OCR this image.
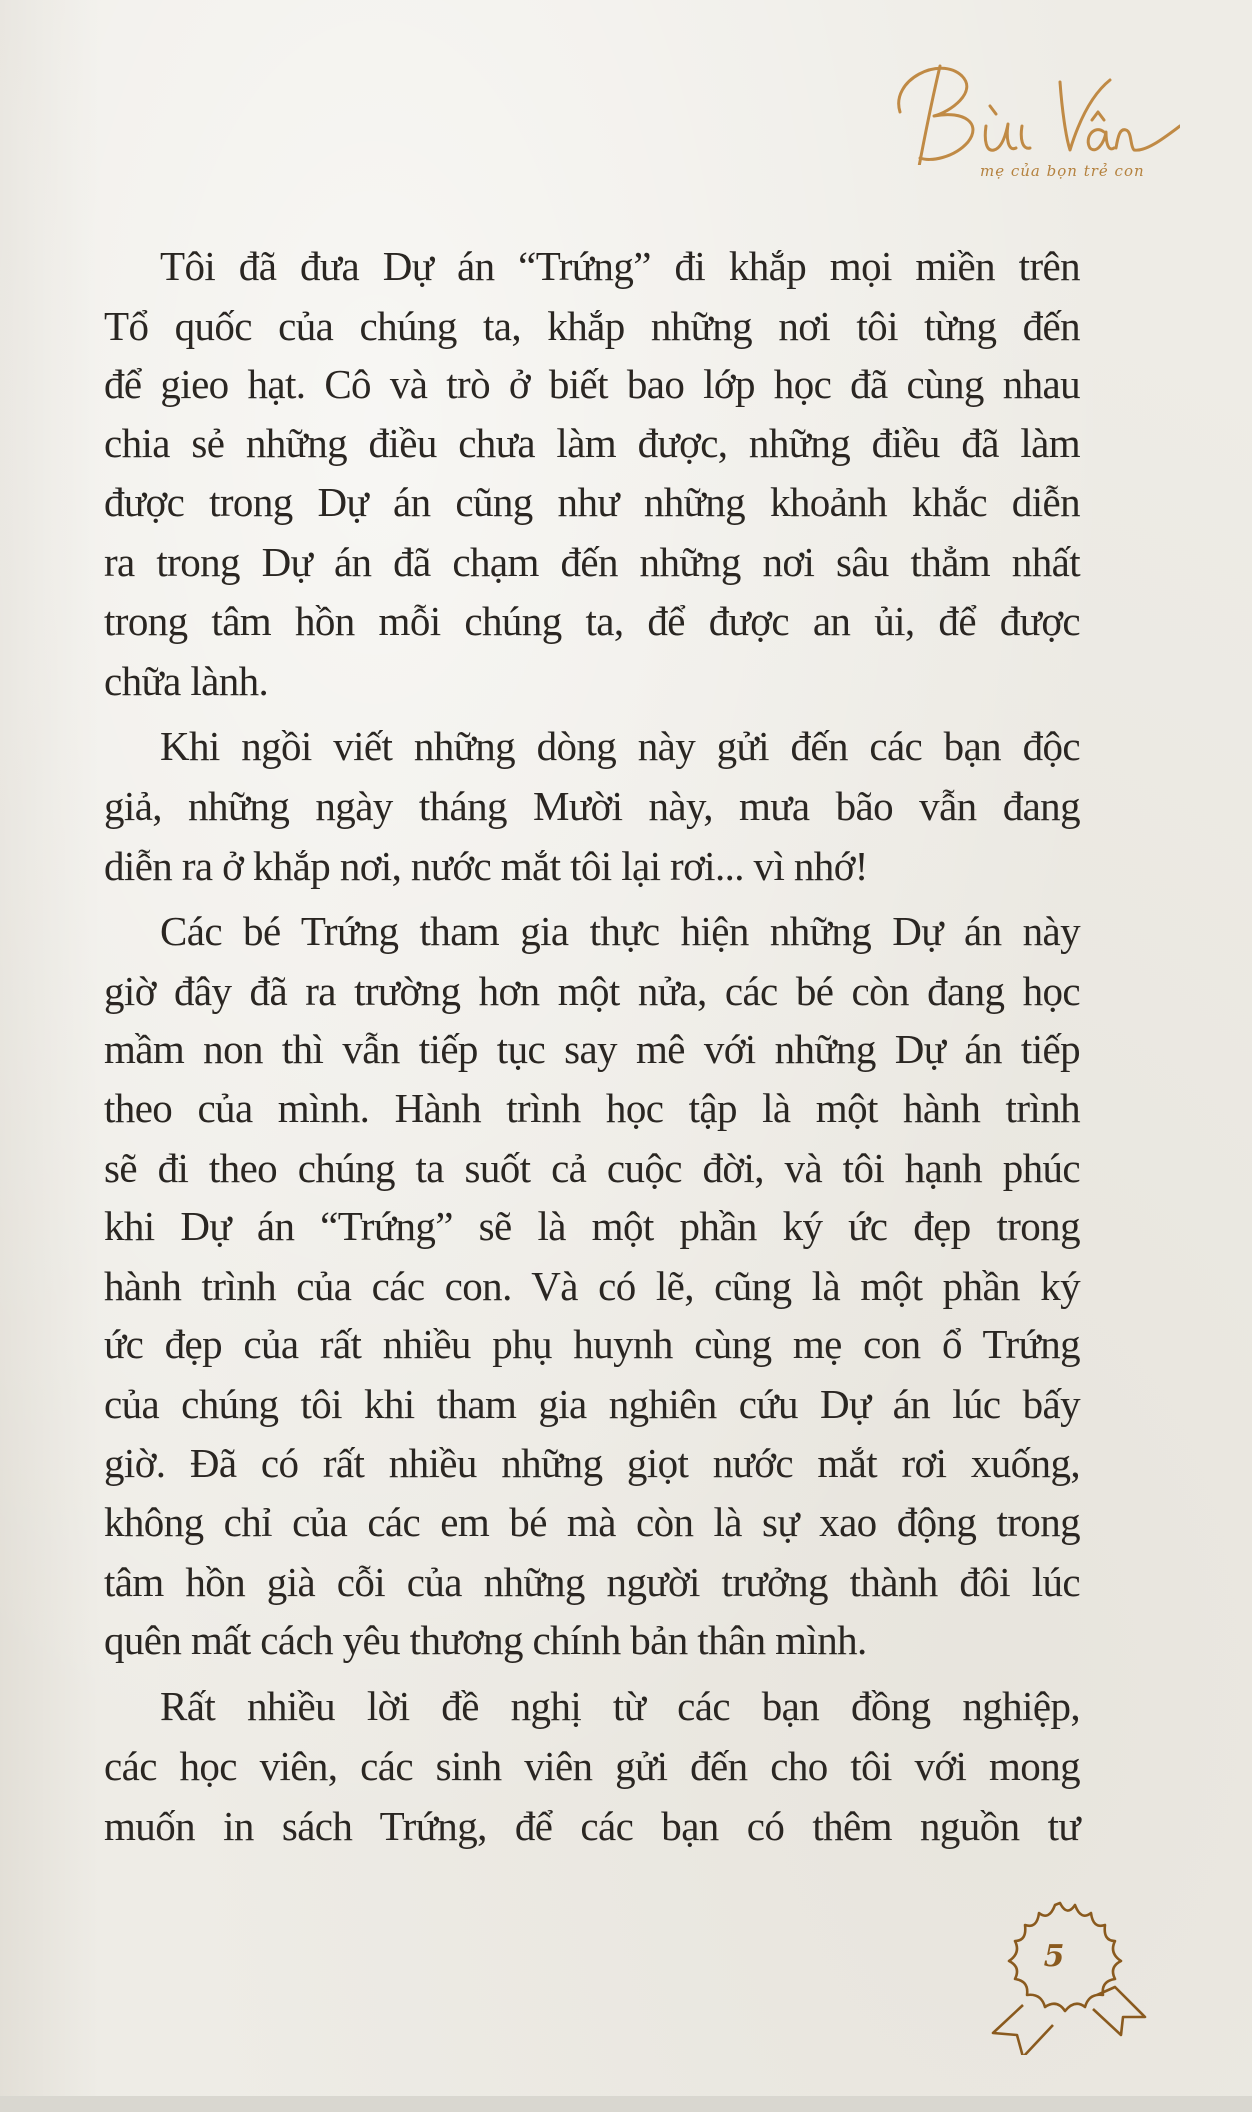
mẹ của bọn trẻ con
Tôi đã đưa Dự án “Trứng” đi khắp mọi miền trên
Tổ quốc của chúng ta, khắp những nơi tôi từng đến
để gieo hạt. Cô và trò ở biết bao lớp học đã cùng nhau
chia sẻ những điều chưa làm được, những điều đã làm
được trong Dự án cũng như những khoảnh khắc diễn
ra trong Dự án đã chạm đến những nơi sâu thẳm nhất
trong tâm hồn mỗi chúng ta, để được an ủi, để được
chữa lành.
Khi ngồi viết những dòng này gửi đến các bạn độc
giả, những ngày tháng Mười này, mưa bão vẫn đang
diễn ra ở khắp nơi, nước mắt tôi lại rơi... vì nhớ!
Các bé Trứng tham gia thực hiện những Dự án này
giờ đây đã ra trường hơn một nửa, các bé còn đang học
mầm non thì vẫn tiếp tục say mê với những Dự án tiếp
theo của mình. Hành trình học tập là một hành trình
sẽ đi theo chúng ta suốt cả cuộc đời, và tôi hạnh phúc
khi Dự án “Trứng” sẽ là một phần ký ức đẹp trong
hành trình của các con. Và có lẽ, cũng là một phần ký
ức đẹp của rất nhiều phụ huynh cùng mẹ con ổ Trứng
của chúng tôi khi tham gia nghiên cứu Dự án lúc bấy
giờ. Đã có rất nhiều những giọt nước mắt rơi xuống,
không chỉ của các em bé mà còn là sự xao động trong
tâm hồn già cỗi của những người trưởng thành đôi lúc
quên mất cách yêu thương chính bản thân mình.
Rất nhiều lời đề nghị từ các bạn đồng nghiệp,
các học viên, các sinh viên gửi đến cho tôi với mong
muốn in sách Trứng, để các bạn có thêm nguồn tư
5
